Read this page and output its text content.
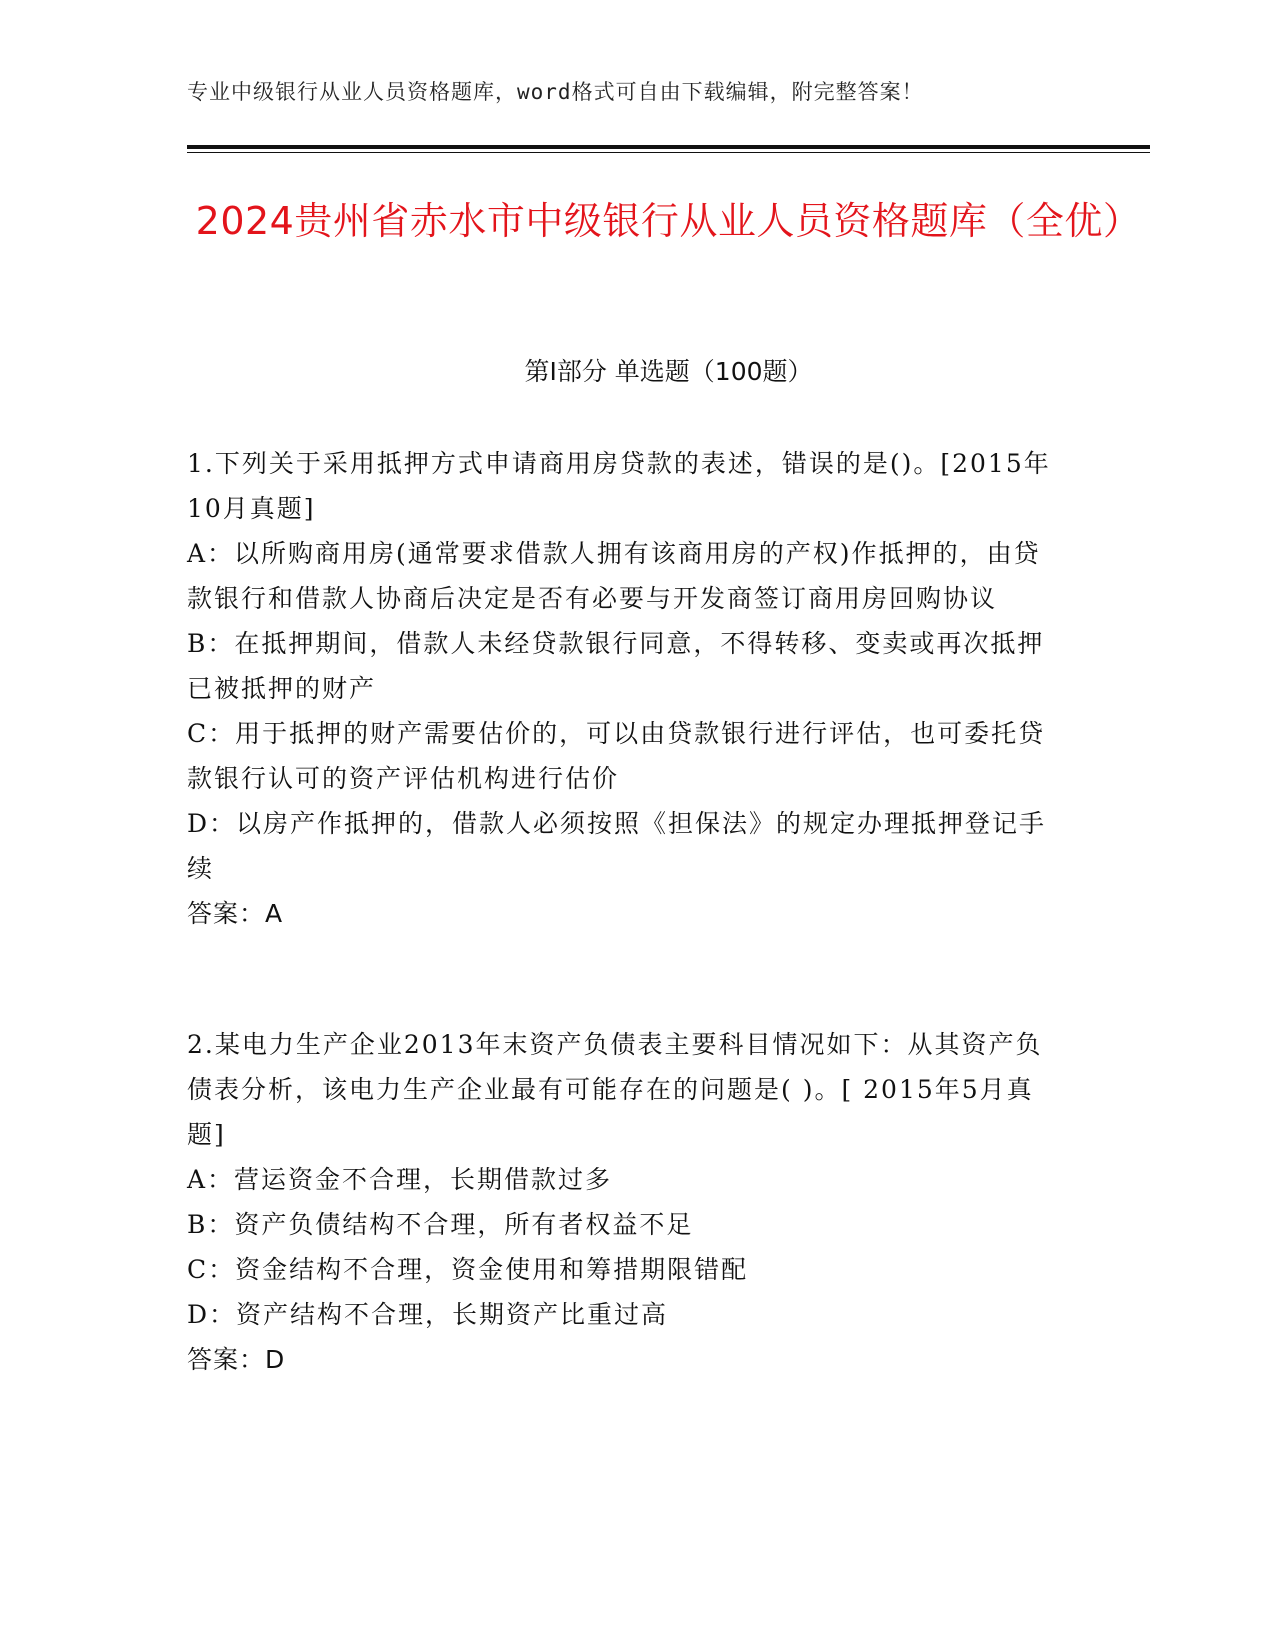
专业中级银行从业人员资格题库，word格式可自由下载编辑，附完整答案！
2024贵州省赤水市中级银行从业人员资格题库（全优）
第Ⅰ部分 单选题（100题）

1.下列关于采用抵押方式申请商用房贷款的表述，错误的是()。[2015年10月真题]

A：以所购商用房(通常要求借款人拥有该商用房的产权)作抵押的，由贷款银行和借款人协商后决定是否有必要与开发商签订商用房回购协议

B：在抵押期间，借款人未经贷款银行同意，不得转移、变卖或再次抵押已被抵押的财产

C：用于抵押的财产需要估价的，可以由贷款银行进行评估，也可委托贷款银行认可的资产评估机构进行估价

D：以房产作抵押的，借款人必须按照《担保法》的规定办理抵押登记手续

答案：A

2.某电力生产企业2013年末资产负债表主要科目情况如下：从其资产负债表分析，该电力生产企业最有可能存在的问题是( )。[ 2015年5月真题]

A：营运资金不合理，长期借款过多

B：资产负债结构不合理，所有者权益不足

C：资金结构不合理，资金使用和筹措期限错配

D：资产结构不合理，长期资产比重过高

答案：D
